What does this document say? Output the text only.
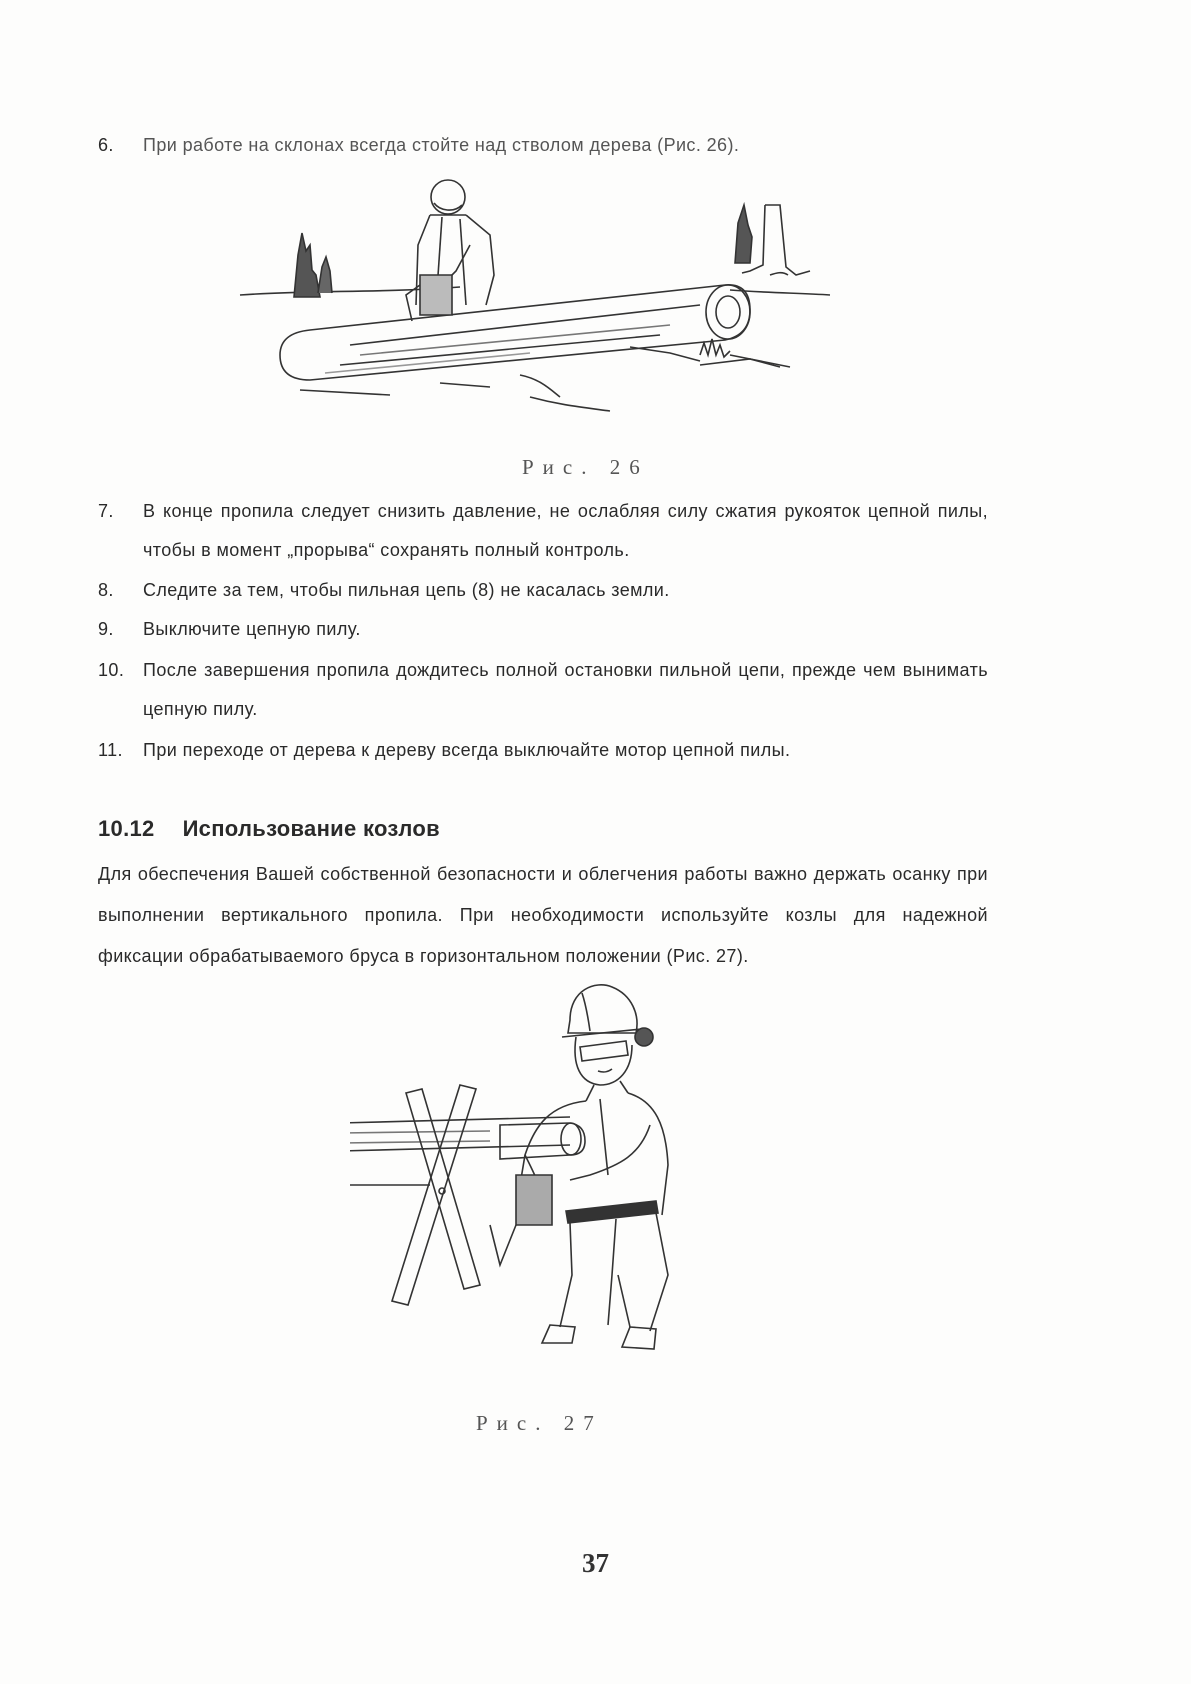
6. При работе на склонах всегда стойте над стволом дерева (Рис. 26).
Рис. 26
7. В конце пропила следует снизить давление, не ослабляя силу сжатия рукояток цепной пилы, чтобы в момент „прорыва“ сохранять полный контроль.
8. Следите за тем, чтобы пильная цепь (8) не касалась земли.
9. Выключите цепную пилу.
10. После завершения пропила дождитесь полной остановки пильной цепи, прежде чем вынимать цепную пилу.
11. При переходе от дерева к дереву всегда выключайте мотор цепной пилы.
10.12 Использование козлов
Для обеспечения Вашей собственной безопасности и облегчения работы важно держать осанку при выполнении вертикального пропила. При необходимости используйте козлы для надежной фиксации обрабатываемого бруса в горизонтальном положении (Рис. 27).
Рис. 27
37
